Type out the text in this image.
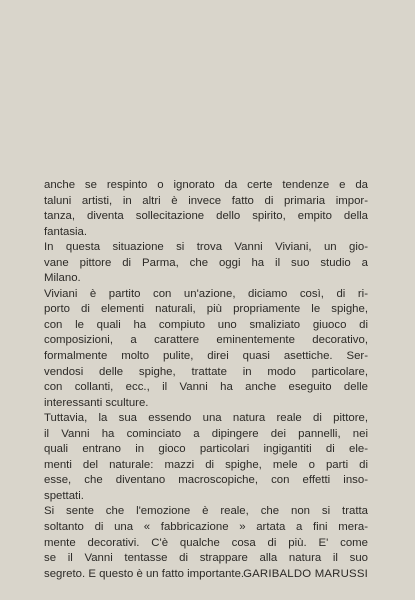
anche se respinto o ignorato da certe tendenze e da
taluni artisti, in altri è invece fatto di primaria impor-
tanza, diventa sollecitazione dello spirito, empito della
fantasia.
In questa situazione si trova Vanni Viviani, un gio-
vane pittore di Parma, che oggi ha il suo studio a
Milano.
Viviani è partito con un'azione, diciamo così, di ri-
porto di elementi naturali, più propriamente le spighe,
con le quali ha compiuto uno smaliziato giuoco di
composizioni, a carattere eminentemente decorativo,
formalmente molto pulite, direi quasi asettiche. Ser-
vendosi delle spighe, trattate in modo particolare,
con collanti, ecc., il Vanni ha anche eseguito delle
interessanti sculture.
Tuttavia, la sua essendo una natura reale di pittore,
il Vanni ha cominciato a dipingere dei pannelli, nei
quali entrano in gioco particolari ingigantiti di ele-
menti del naturale: mazzi di spighe, mele o parti di
esse, che diventano macroscopiche, con effetti inso-
spettati.
Si sente che l'emozione è reale, che non si tratta
soltanto di una « fabbricazione » artata a fini mera-
mente decorativi. C'è qualche cosa di più. E' come
se il Vanni tentasse di strappare alla natura il suo
segreto. E questo è un fatto importante.
GARIBALDO MARUSSI
